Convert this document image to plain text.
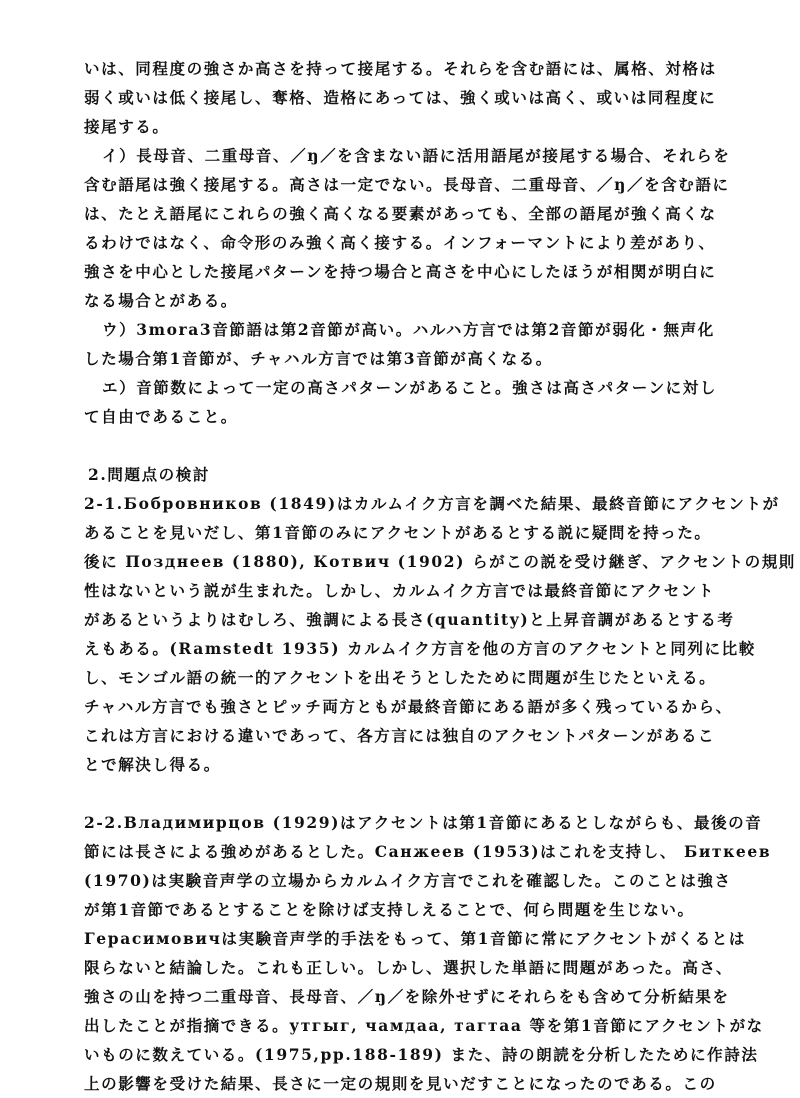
いは、同程度の強さか高さを持って接尾する。それらを含む語には、属格、対格は
弱く或いは低く接尾し、奪格、造格にあっては、強く或いは高く、或いは同程度に
接尾する。
イ）長母音、二重母音、／ŋ／を含まない語に活用語尾が接尾する場合、それらを
含む語尾は強く接尾する。高さは一定でない。長母音、二重母音、／ŋ／を含む語に
は、たとえ語尾にこれらの強く高くなる要素があっても、全部の語尾が強く高くな
るわけではなく、命令形のみ強く高く接する。インフォーマントにより差があり、
強さを中心とした接尾パターンを持つ場合と高さを中心にしたほうが相関が明白に
なる場合とがある。
ウ）3mora3音節語は第2音節が高い。ハルハ方言では第2音節が弱化・無声化
した場合第1音節が、チャハル方言では第3音節が高くなる。
エ）音節数によって一定の高さパターンがあること。強さは高さパターンに対し
て自由であること。
2.問題点の検討
2-1.Бобровников (1849)はカルムイク方言を調べた結果、最終音節にアクセントが
あることを見いだし、第1音節のみにアクセントがあるとする説に疑問を持った。
後に Позднеев (1880), Котвич (1902) らがこの説を受け継ぎ、アクセントの規則
性はないという説が生まれた。しかし、カルムイク方言では最終音節にアクセント
があるというよりはむしろ、強調による長さ(quantity)と上昇音調があるとする考
えもある。(Ramstedt 1935) カルムイク方言を他の方言のアクセントと同列に比較
し、モンゴル語の統一的アクセントを出そうとしたために問題が生じたといえる。
チャハル方言でも強さとピッチ両方ともが最終音節にある語が多く残っているから、
これは方言における違いであって、各方言には独自のアクセントパターンがあるこ
とで解決し得る。
2-2.Владимирцов (1929)はアクセントは第1音節にあるとしながらも、最後の音
節には長さによる強めがあるとした。Санжеев (1953)はこれを支持し、 Биткеев
(1970)は実験音声学の立場からカルムイク方言でこれを確認した。このことは強さ
が第1音節であるとすることを除けば支持しえることで、何ら問題を生じない。
Герасимовичは実験音声学的手法をもって、第1音節に常にアクセントがくるとは
限らないと結論した。これも正しい。しかし、選択した単語に問題があった。高さ、
強さの山を持つ二重母音、長母音、／ŋ／を除外せずにそれらをも含めて分析結果を
出したことが指摘できる。утгыг, чамдаа, тагтаа 等を第1音節にアクセントがな
いものに数えている。(1975,pp.188-189) また、詩の朗読を分析したために作詩法
上の影響を受けた結果、長さに一定の規則を見いだすことになったのである。この
